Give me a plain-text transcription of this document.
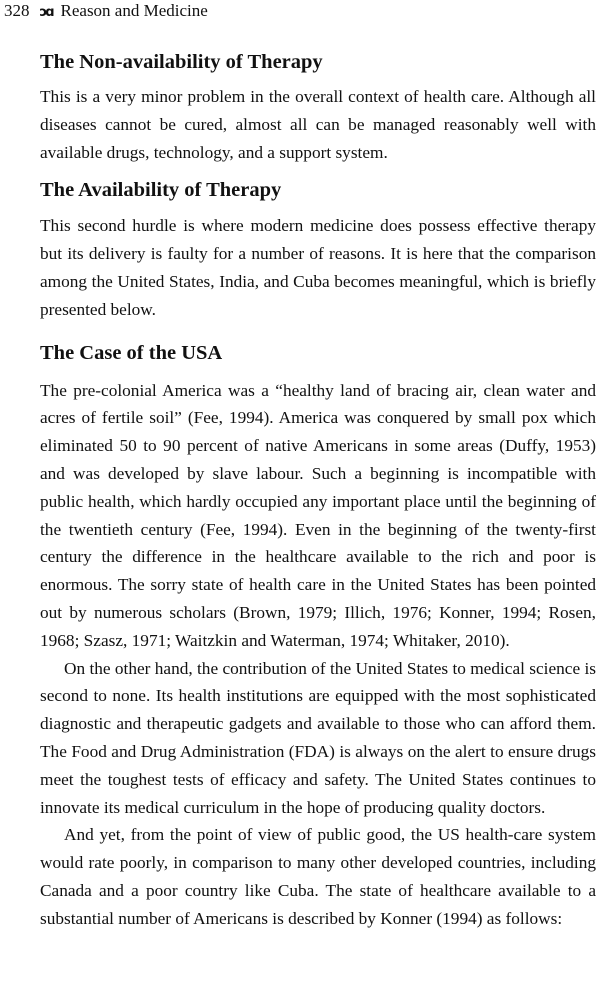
328 ɔɑ Reason and Medicine
The Non-availability of Therapy

This is a very minor problem in the overall context of health care. Although all diseases cannot be cured, almost all can be managed reasonably well with available drugs, technology, and a support system.

The Availability of Therapy

This second hurdle is where modern medicine does possess effective therapy but its delivery is faulty for a number of reasons. It is here that the comparison among the United States, India, and Cuba becomes meaningful, which is briefly presented below.

The Case of the USA

The pre-colonial America was a “healthy land of bracing air, clean water and acres of fertile soil” (Fee, 1994). America was conquered by small pox which eliminated 50 to 90 percent of native Americans in some areas (Duffy, 1953) and was developed by slave labour. Such a beginning is incompatible with public health, which hardly occupied any important place until the beginning of the twentieth century (Fee, 1994). Even in the beginning of the twenty-first century the difference in the healthcare available to the rich and poor is enormous. The sorry state of health care in the United States has been pointed out by numerous scholars (Brown, 1979; Illich, 1976; Konner, 1994; Rosen, 1968; Szasz, 1971; Waitzkin and Waterman, 1974; Whitaker, 2010).

On the other hand, the contribution of the United States to medical science is second to none. Its health institutions are equipped with the most sophisticated diagnostic and therapeutic gadgets and available to those who can afford them. The Food and Drug Administration (FDA) is always on the alert to ensure drugs meet the toughest tests of efficacy and safety. The United States continues to innovate its medical curriculum in the hope of producing quality doctors.

And yet, from the point of view of public good, the US health-care system would rate poorly, in comparison to many other developed countries, including Canada and a poor country like Cuba. The state of healthcare available to a substantial number of Americans is described by Konner (1994) as follows:
